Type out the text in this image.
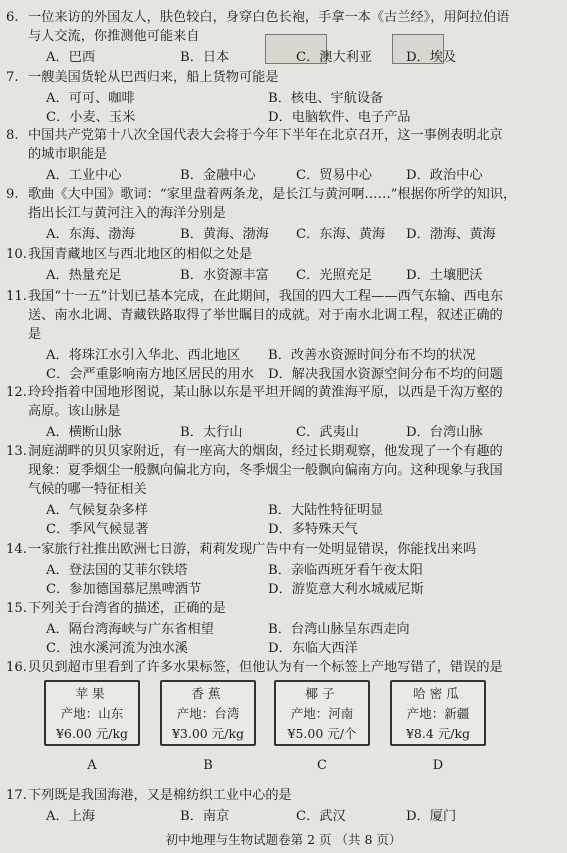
6. 一位来访的外国友人，肤色较白，身穿白色长袍，手拿一本《古兰经》，用阿拉伯语
与人交流，你推测他可能来自
A．巴西	B．日本	C．澳大利亚	D．埃及
7. 一艘美国货轮从巴西归来，船上货物可能是
A．可可、咖啡	B．核电、宇航设备
C．小麦、玉米	D．电脑软件、电子产品
8. 中国共产党第十八次全国代表大会将于今年下半年在北京召开，这一事例表明北京
的城市职能是
A．工业中心	B．金融中心	C．贸易中心	D．政治中心
9. 歌曲《大中国》歌词：“家里盘着两条龙，是长江与黄河啊……”根据你所学的知识，
指出长江与黄河注入的海洋分别是
A．东海、渤海	B．黄海、渤海 C．东海、黄海 D．渤海、黄海
10.我国青藏地区与西北地区的相似之处是
A．热量充足	B．水资源丰富 C．光照充足	D．土壤肥沃
11.我国“十一五”计划已基本完成，在此期间，我国的四大工程——西气东输、西电东
送、南水北调、青藏铁路取得了举世瞩目的成就。对于南水北调工程，叙述正确的
是
A．将珠江水引入华北、西北地区 B．改善水资源时间分布不均的状况
C．会严重影响南方地区居民的用水 D．解决我国水资源空间分布不均的问题
12.玲玲指着中国地形图说，某山脉以东是平坦开阔的黄淮海平原，以西是千沟万壑的
高原。该山脉是
A．横断山脉	B．太行山	C．武夷山	D．台湾山脉
13.洞庭湖畔的贝贝家附近，有一座高大的烟囱，经过长期观察，他发现了一个有趣的
现象：夏季烟尘一般飘向偏北方向，冬季烟尘一般飘向偏南方向。这种现象与我国
气候的哪一特征相关
A．气候复杂多样	B．大陆性特征明显
C．季风气候显著	D．多特殊天气
14.一家旅行社推出欧洲七日游，莉莉发现广告中有一处明显错误，你能找出来吗
A．登法国的艾菲尔铁塔	B．亲临西班牙看午夜太阳
C．参加德国慕尼黑啤酒节	D．游览意大利水城威尼斯
15.下列关于台湾省的描述，正确的是
A．隔台湾海峡与广东省相望	B．台湾山脉呈东西走向
C．浊水溪河流为浊水溪	D．东临大西洋
16.贝贝到超市里看到了许多水果标签，但他认为有一个标签上产地写错了，错误的是
苹果
产地：山东
¥6.00 元/kg
A
香蕉
产地：台湾
¥3.00 元/kg
B
椰子
产地：河南
¥5.00 元/个
C
哈密瓜
产地：新疆
¥8.4 元/kg
D
17.下列既是我国海港，又是棉纺织工业中心的是
A．上海	B．南京	C．武汉	D．厦门
初中地理与生物试题卷第 2 页 （共 8 页）
